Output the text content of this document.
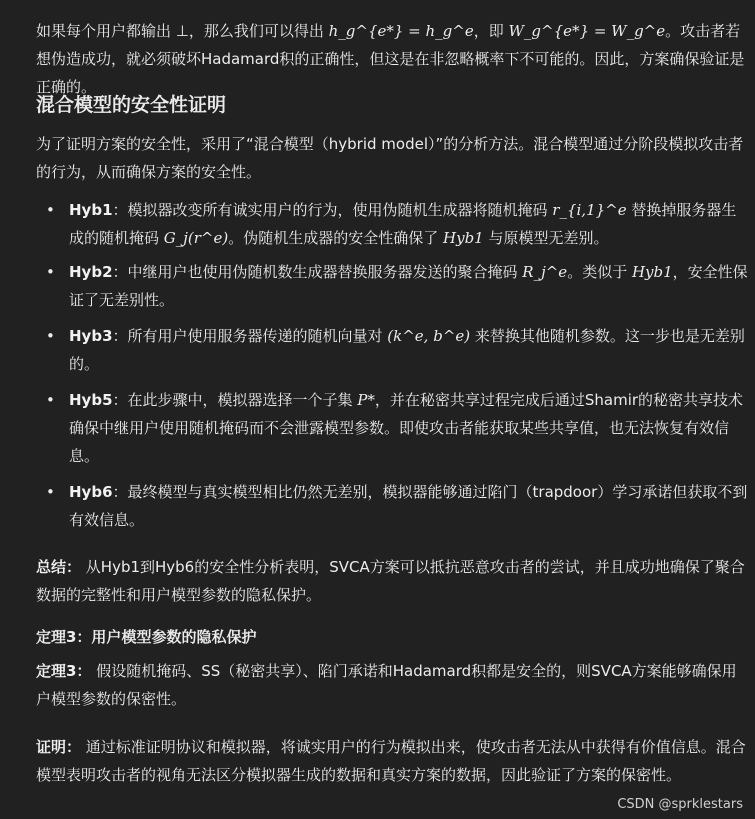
如果每个用户都输出 ⊥，那么我们可以得出 h_g^{e*} = h_g^e，即 W_g^{e*} = W_g^e。攻击者若想伪造成功，就必须破坏Hadamard积的正确性，但这是在非忽略概率下不可能的。因此，方案确保验证是正确的。

混合模型的安全性证明

为了证明方案的安全性，采用了“混合模型（hybrid model）”的分析方法。混合模型通过分阶段模拟攻击者的行为，从而确保方案的安全性。

• Hyb1：模拟器改变所有诚实用户的行为，使用伪随机生成器将随机掩码 r_{i,1}^e 替换掉服务器生成的随机掩码 G_j(r^e)。伪随机生成器的安全性确保了 Hyb1 与原模型无差别。
• Hyb2：中继用户也使用伪随机数生成器替换服务器发送的聚合掩码 R_j^e。类似于 Hyb1，安全性保证了无差别性。
• Hyb3：所有用户使用服务器传递的随机向量对 (k^e, b^e) 来替换其他随机参数。这一步也是无差别的。
• Hyb5：在此步骤中，模拟器选择一个子集 P*，并在秘密共享过程完成后通过Shamir的秘密共享技术确保中继用户使用随机掩码而不会泄露模型参数。即使攻击者能获取某些共享值，也无法恢复有效信息。
• Hyb6：最终模型与真实模型相比仍然无差别，模拟器能够通过陷门（trapdoor）学习承诺但获取不到有效信息。

总结： 从Hyb1到Hyb6的安全性分析表明，SVCA方案可以抵抗恶意攻击者的尝试，并且成功地确保了聚合数据的完整性和用户模型参数的隐私保护。

定理3：用户模型参数的隐私保护

定理3： 假设随机掩码、SS（秘密共享）、陷门承诺和Hadamard积都是安全的，则SVCA方案能够确保用户模型参数的保密性。

证明： 通过标准证明协议和模拟器，将诚实用户的行为模拟出来，使攻击者无法从中获得有价值信息。混合模型表明攻击者的视角无法区分模拟器生成的数据和真实方案的数据，因此验证了方案的保密性。

CSDN @sprklestars
